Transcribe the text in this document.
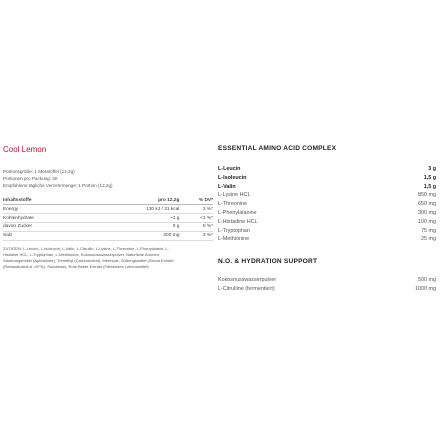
Cool Lemon
Portionsgröße: 1 Messlöffel (12,2g)
Portionen pro Packung: 30
Empfohlene tägliche Verzehrmenge: 1 Portion (12,2g)
Inhaltsstoffe	pro 12,2g	% DV*
Energy	130 kJ / 31 kcal	2 %*
Kohlenhydrate	~1 g	<1 %*
davon Zucker	0 g	0 %*
Salz	200 mg	3 %*
ZUTATEN: L-Leucin, L-Isoleucin, L-Valin, L-Citrullin, L-Lysine, L-Threonine, L-Phenylalanin, L-
Histidine HCL, L-Tryptophan, L-Methionine, Kokosnusswasserpulver, Natürliche Aromen,
Säuerungsmittel (Apfelsäure), Trimethyl (Calciumcitrat), Meersalz, Süßungsmittel (Stevia Extrakt
(Rebaudioside A >97%), Sucralose), Rote Beete Extrakt (Färbendes Lebensmittel)
ESSENTIAL AMINO ACID COMPLEX
L-Leucin	3 g
L-Isoleucin	1,5 g
L-Valin	1,5 g
L-Lysine HCL	850 mg
L-Threonine	650 mg
L-Phenylalanine	300 mg
L-Histadine HCL	100 mg
L-Tryptophan	75 mg
L-Methionine	25 mg
N.O. & HYDRATION SUPPORT
Kokosnusswasserpulver	500 mg
L-Citrulline (fermentiert)	1000 mg
